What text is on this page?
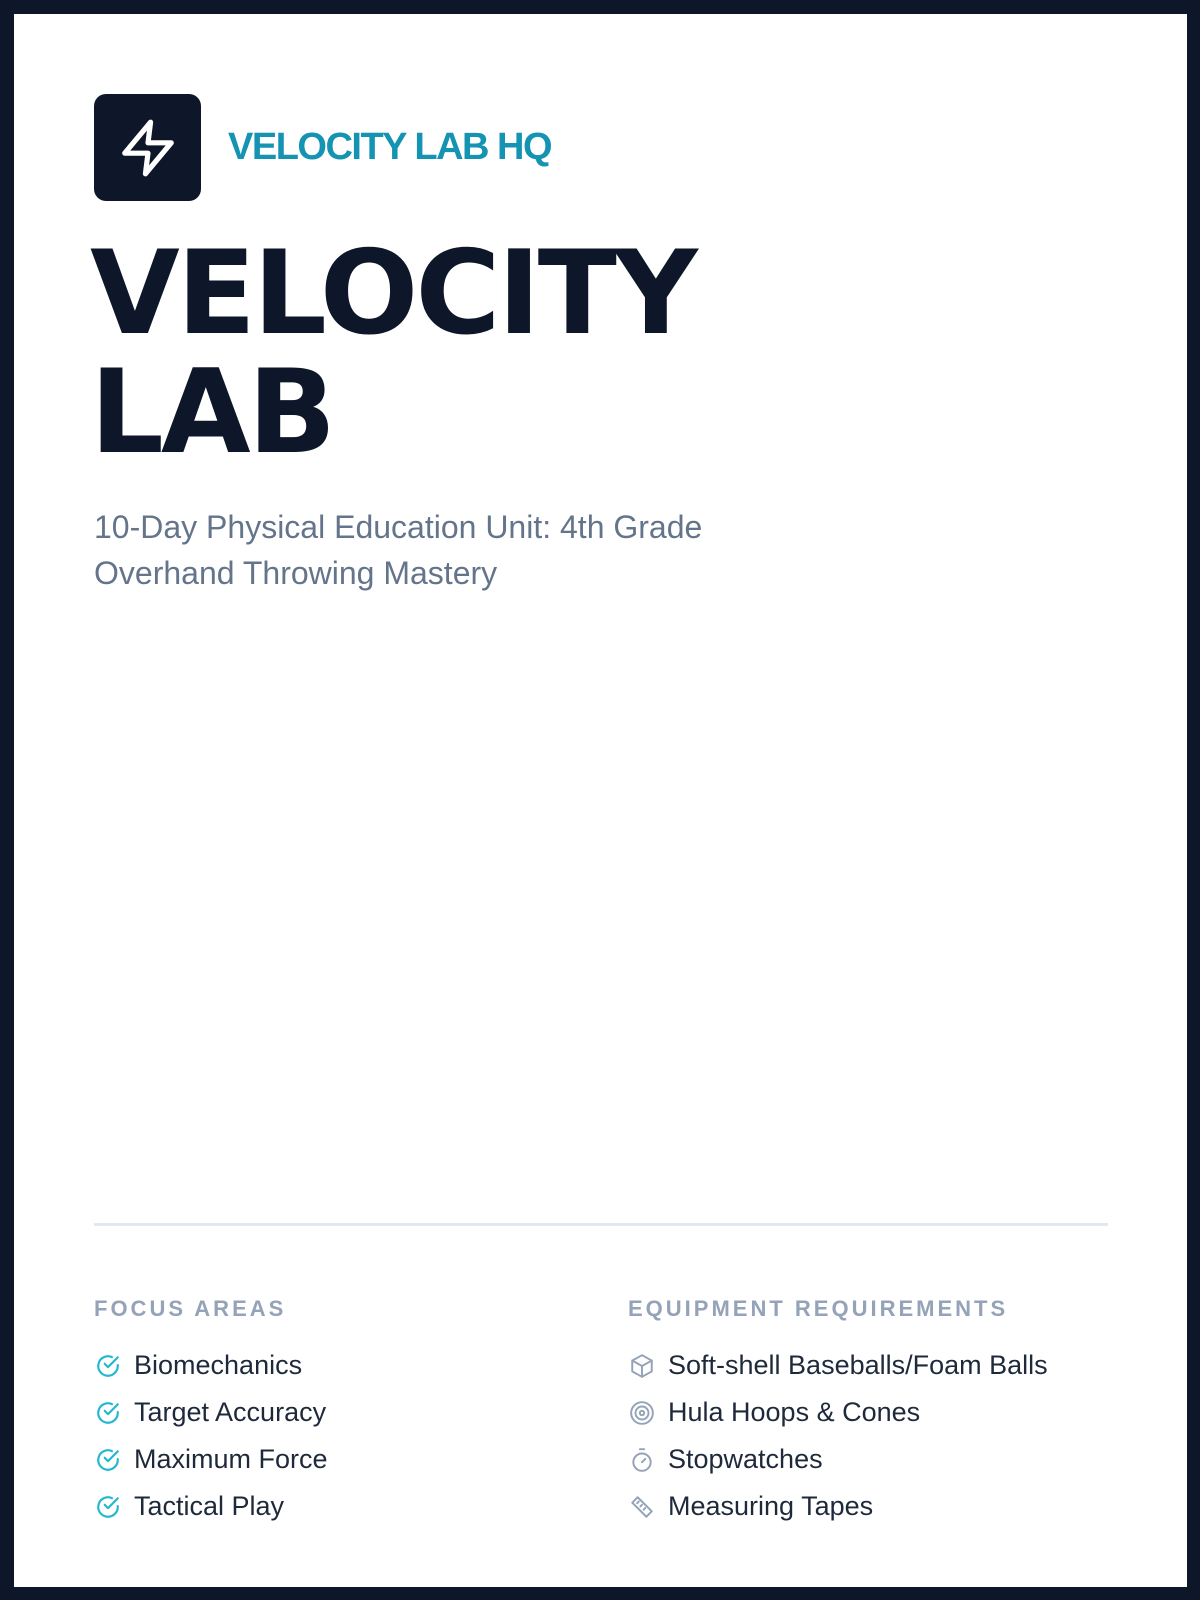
VELOCITY LAB HQ
VELOCITY
LAB
10-Day Physical Education Unit: 4th Grade Overhand Throwing Mastery
FOCUS AREAS
Biomechanics
Target Accuracy
Maximum Force
Tactical Play
EQUIPMENT REQUIREMENTS
Soft-shell Baseballs/Foam Balls
Hula Hoops & Cones
Stopwatches
Measuring Tapes
